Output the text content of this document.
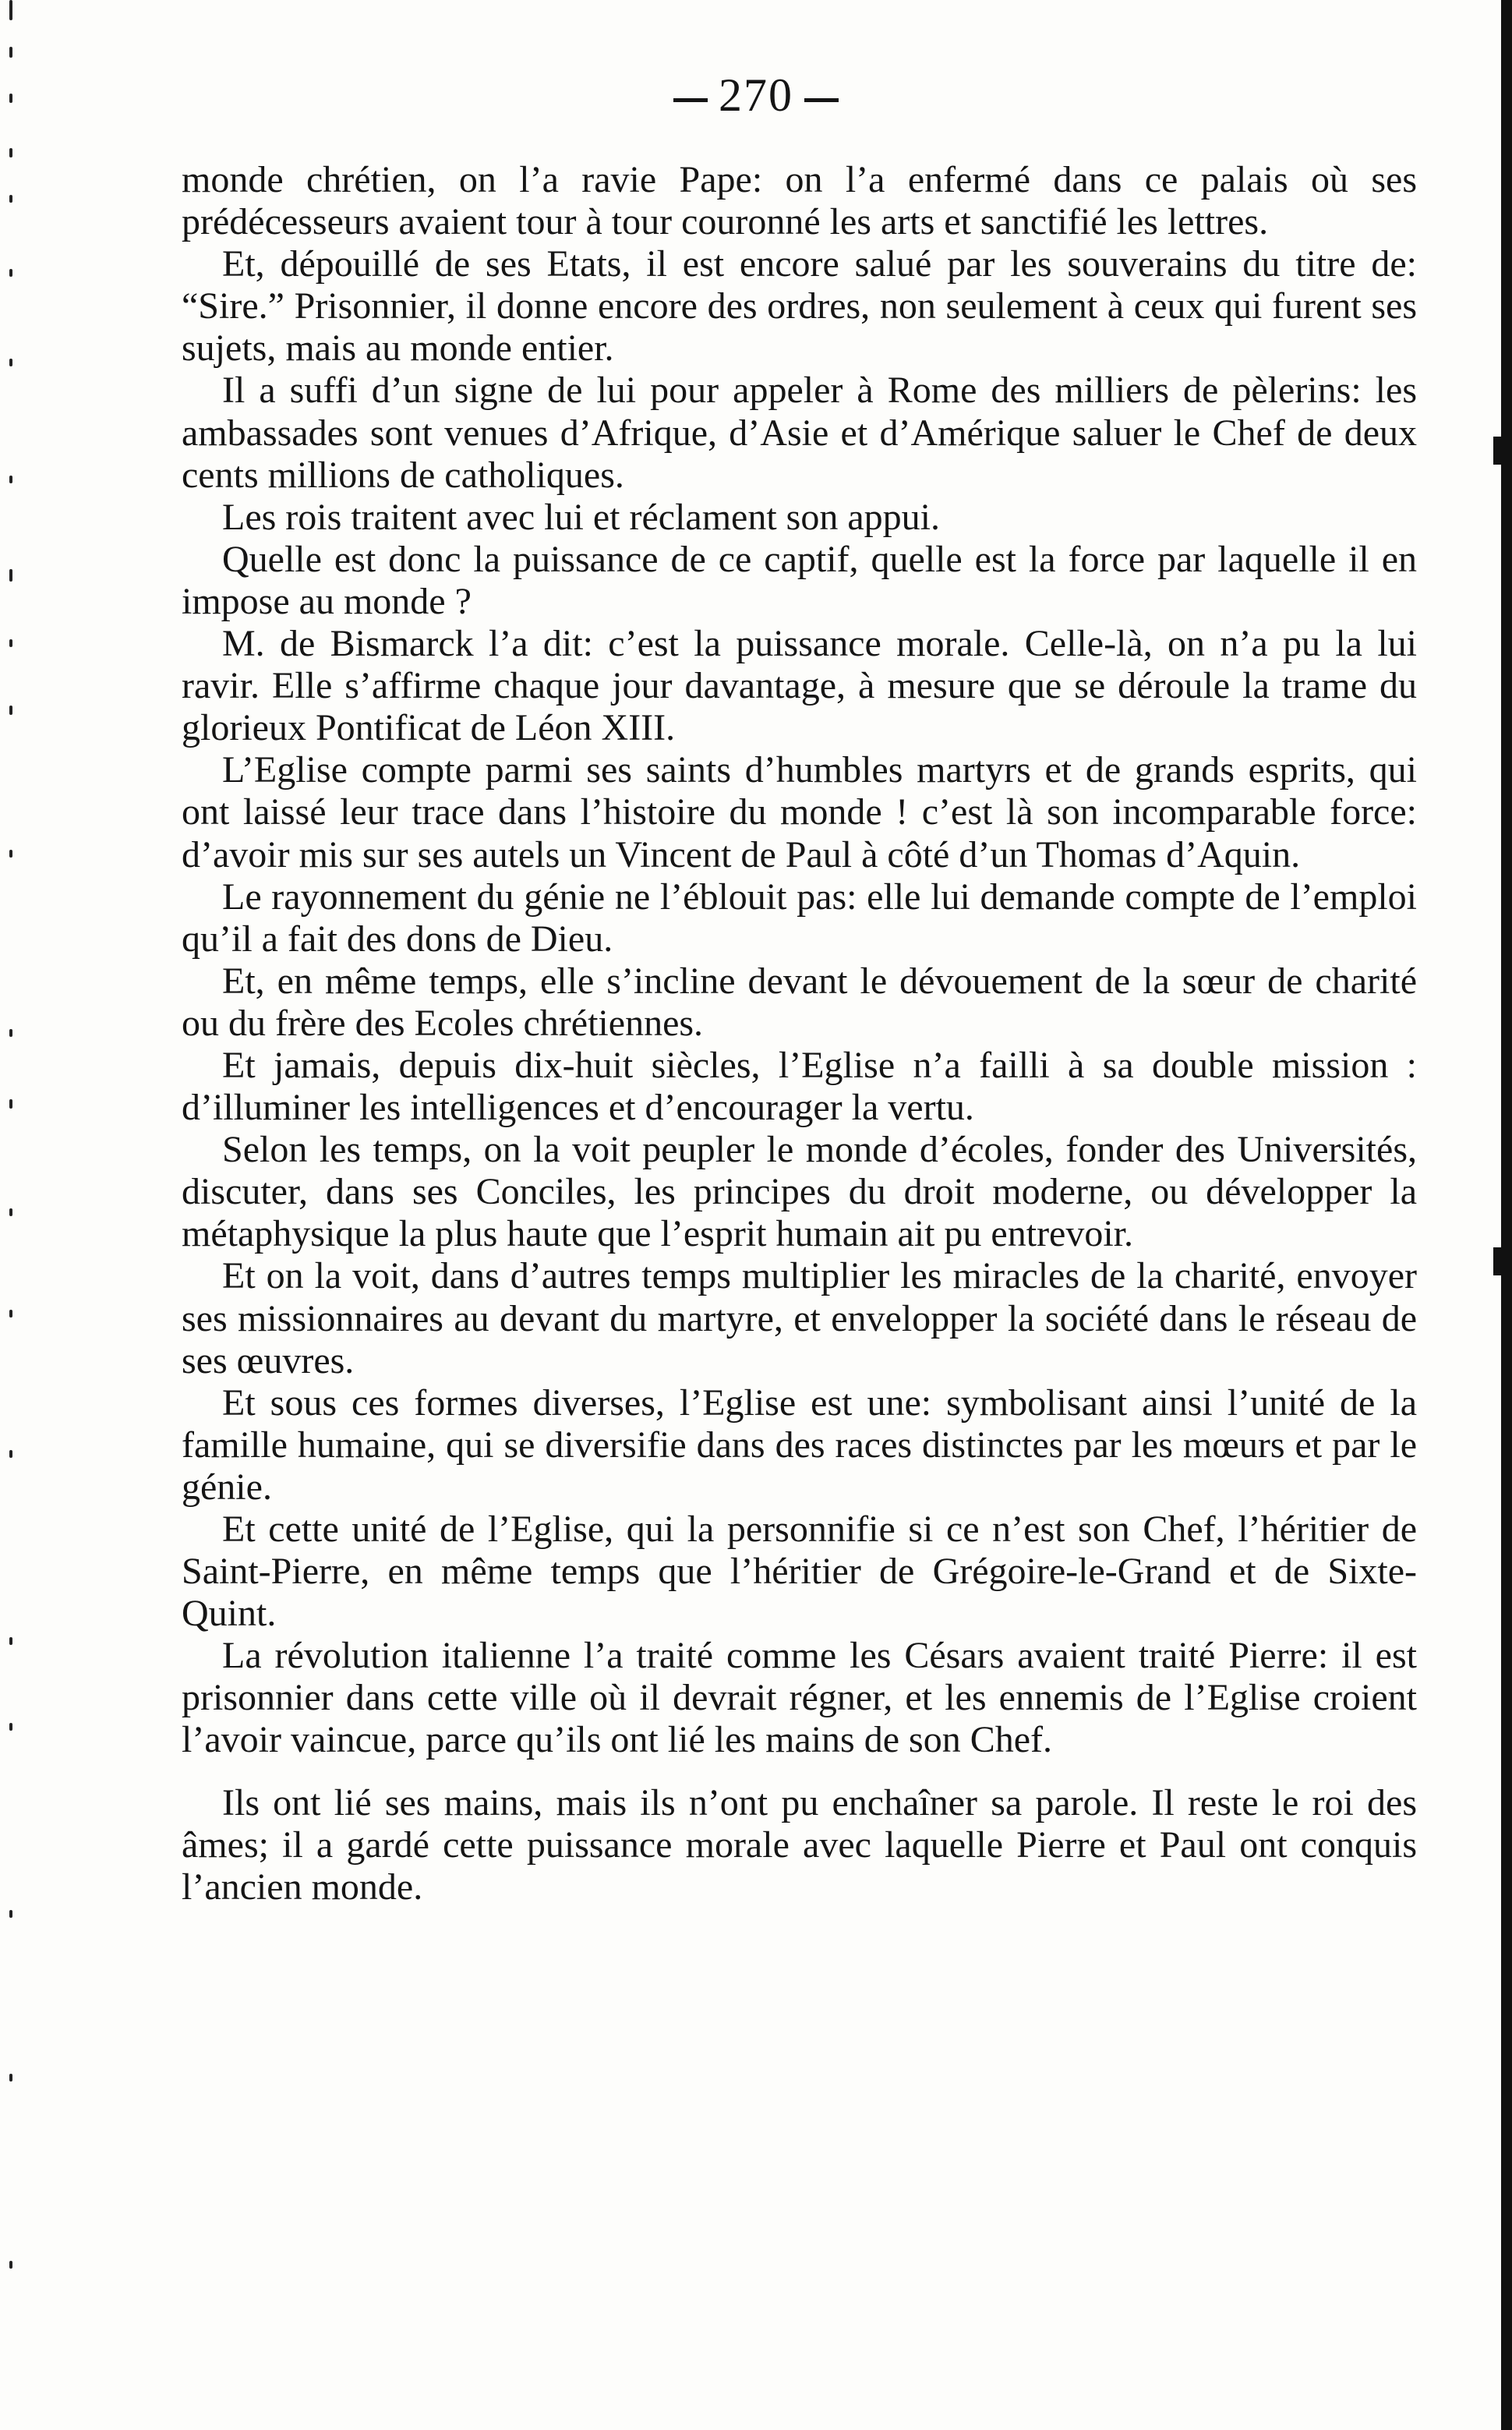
270

monde chrétien, on l’a ravie Pape: on l’a enfermé dans ce palais où ses prédécesseurs avaient tour à tour couronné les arts et sanctifié les lettres.

Et, dépouillé de ses Etats, il est encore salué par les souverains du titre de: “Sire.” Prisonnier, il donne encore des ordres, non seulement à ceux qui furent ses sujets, mais au monde entier.

Il a suffi d’un signe de lui pour appeler à Rome des milliers de pèlerins: les ambassades sont venues d’Afrique, d’Asie et d’Amérique saluer le Chef de deux cents millions de catholiques.

Les rois traitent avec lui et réclament son appui.

Quelle est donc la puissance de ce captif, quelle est la force par laquelle il en impose au monde ?

M. de Bismarck l’a dit: c’est la puissance morale. Celle-là, on n’a pu la lui ravir. Elle s’affirme chaque jour davantage, à mesure que se déroule la trame du glorieux Pontificat de Léon XIII.

L’Eglise compte parmi ses saints d’humbles martyrs et de grands esprits, qui ont laissé leur trace dans l’histoire du monde ! c’est là son incomparable force: d’avoir mis sur ses autels un Vincent de Paul à côté d’un Thomas d’Aquin.

Le rayonnement du génie ne l’éblouit pas: elle lui demande compte de l’emploi qu’il a fait des dons de Dieu.

Et, en même temps, elle s’incline devant le dévouement de la sœur de charité ou du frère des Ecoles chrétiennes.

Et jamais, depuis dix-huit siècles, l’Eglise n’a failli à sa double mission : d’illuminer les intelligences et d’encourager la vertu.

Selon les temps, on la voit peupler le monde d’écoles, fonder des Universités, discuter, dans ses Conciles, les principes du droit moderne, ou développer la métaphysique la plus haute que l’esprit humain ait pu entrevoir.

Et on la voit, dans d’autres temps multiplier les miracles de la charité, envoyer ses missionnaires au devant du martyre, et envelopper la société dans le réseau de ses œuvres.

Et sous ces formes diverses, l’Eglise est une: symbolisant ainsi l’unité de la famille humaine, qui se diversifie dans des races distinctes par les mœurs et par le génie.

Et cette unité de l’Eglise, qui la personnifie si ce n’est son Chef, l’héritier de Saint-Pierre, en même temps que l’héritier de Grégoire-le-Grand et de Sixte-Quint.

La révolution italienne l’a traité comme les Césars avaient traité Pierre: il est prisonnier dans cette ville où il devrait régner, et les ennemis de l’Eglise croient l’avoir vaincue, parce qu’ils ont lié les mains de son Chef.

Ils ont lié ses mains, mais ils n’ont pu enchaîner sa parole. Il reste le roi des âmes; il a gardé cette puissance morale avec laquelle Pierre et Paul ont conquis l’ancien monde.
